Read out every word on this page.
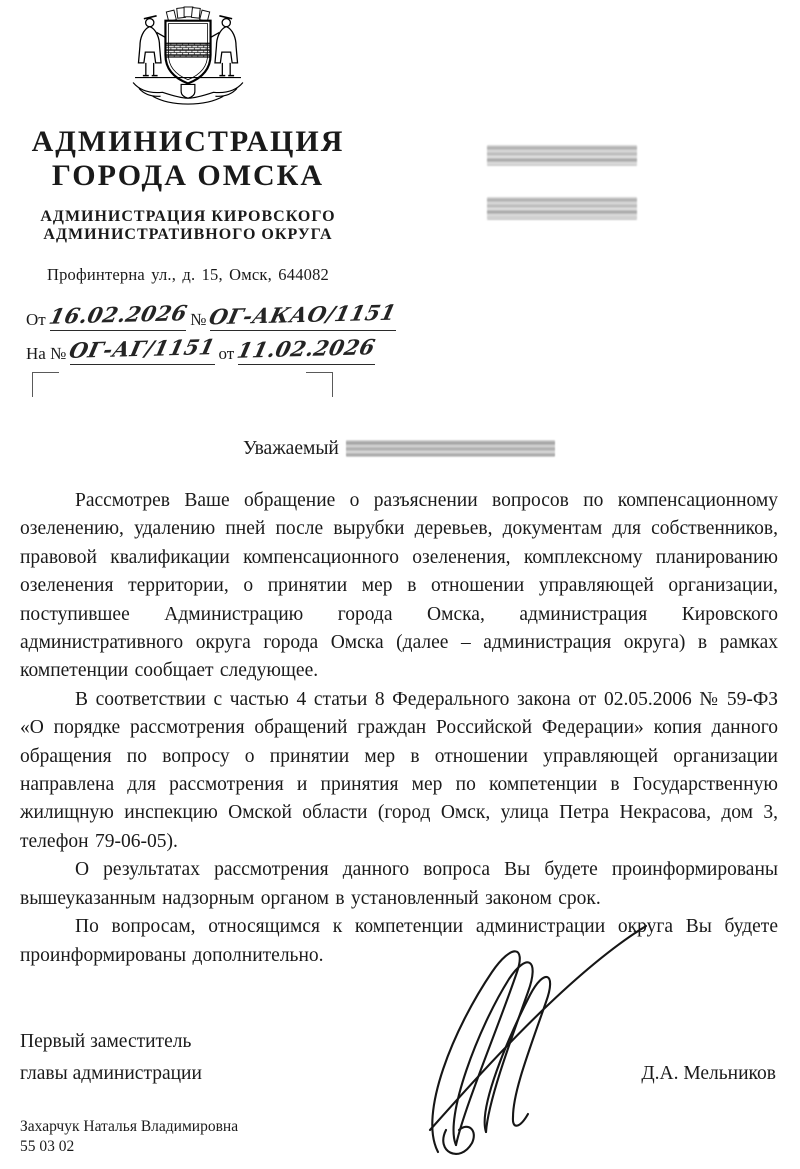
АДМИНИСТРАЦИЯ
ГОРОДА ОМСКА
АДМИНИСТРАЦИЯ КИРОВСКОГО
АДМИНИСТРАТИВНОГО ОКРУГА
Профинтерна ул., д. 15, Омск, 644082
От 16.02.2026 № ОГ-АКАО/1151
На № ОГ-АГ/1151 от 11.02.2026
Уважаемый

Рассмотрев Ваше обращение о разъяснении вопросов по компенсационному озеленению, удалению пней после вырубки деревьев, документам для собственников, правовой квалификации компенсационного озеленения, комплексному планированию озеленения территории, о принятии мер в отношении управляющей организации, поступившее Администрацию города Омска, администрация Кировского административного округа города Омска (далее – администрация округа) в рамках компетенции сообщает следующее.

В соответствии с частью 4 статьи 8 Федерального закона от 02.05.2006 № 59-ФЗ «О порядке рассмотрения обращений граждан Российской Федерации» копия данного обращения по вопросу о принятии мер в отношении управляющей организации направлена для рассмотрения и принятия мер по компетенции в Государственную жилищную инспекцию Омской области (город Омск, улица Петра Некрасова, дом 3, телефон 79-06-05).

О результатах рассмотрения данного вопроса Вы будете проинформированы вышеуказанным надзорным органом в установленный законом срок.

По вопросам, относящимся к компетенции администрации округа Вы будете проинформированы дополнительно.

Первый заместитель
главы администрации	Д.А. Мельников
Захарчук Наталья Владимировна
55 03 02
